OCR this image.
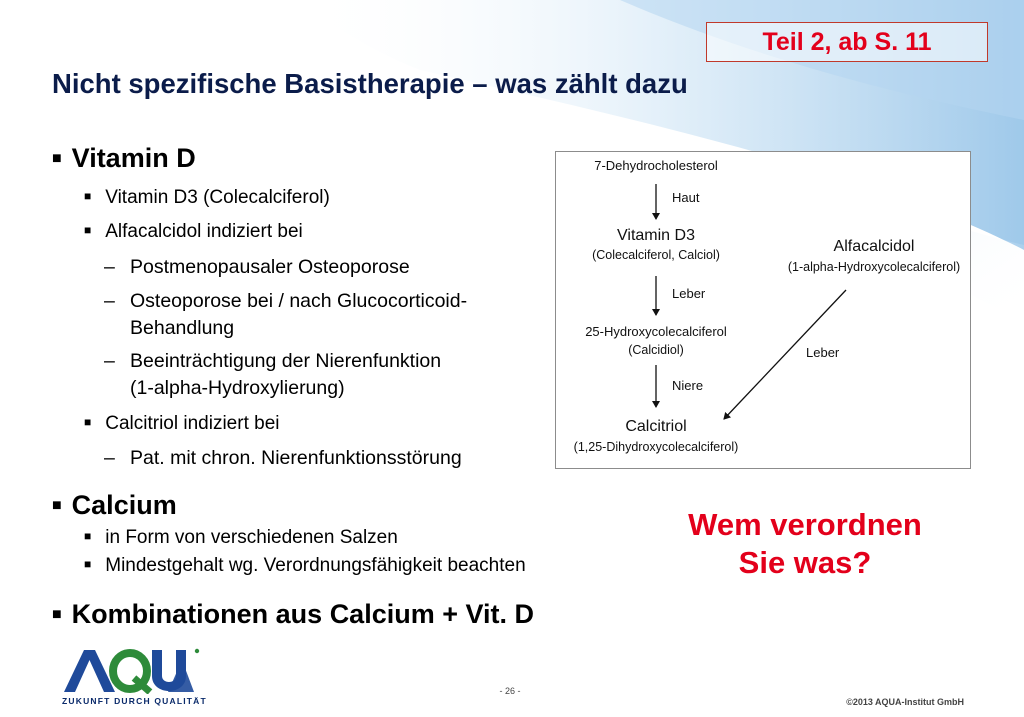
Teil 2, ab S. 11
Nicht spezifische Basistherapie – was zählt dazu
■ Vitamin D
■ Vitamin D3 (Colecalciferol)
■ Alfacalcidol indiziert bei
– Postmenopausaler Osteoporose
– Osteoporose bei / nach Glucocorticoid-
Behandlung
– Beeinträchtigung der Nierenfunktion
(1-alpha-Hydroxylierung)
■ Calcitriol indiziert bei
– Pat. mit chron. Nierenfunktionsstörung
■ Calcium
■ in Form von verschiedenen Salzen
■ Mindestgehalt wg. Verordnungsfähigkeit beachten
■ Kombinationen aus Calcium + Vit. D
7-Dehydrocholesterol
Haut
Vitamin D3
(Colecalciferol, Calciol)
Leber
25-Hydroxycolecalciferol
(Calcidiol)
Niere
Calcitriol
(1,25-Dihydroxycolecalciferol)
Alfacalcidol
(1-alpha-Hydroxycolecalciferol)
Leber
Wem verordnen
Sie was?
ZUKUNFT DURCH QUALITÄT
- 26 -
©2013 AQUA-Institut GmbH
